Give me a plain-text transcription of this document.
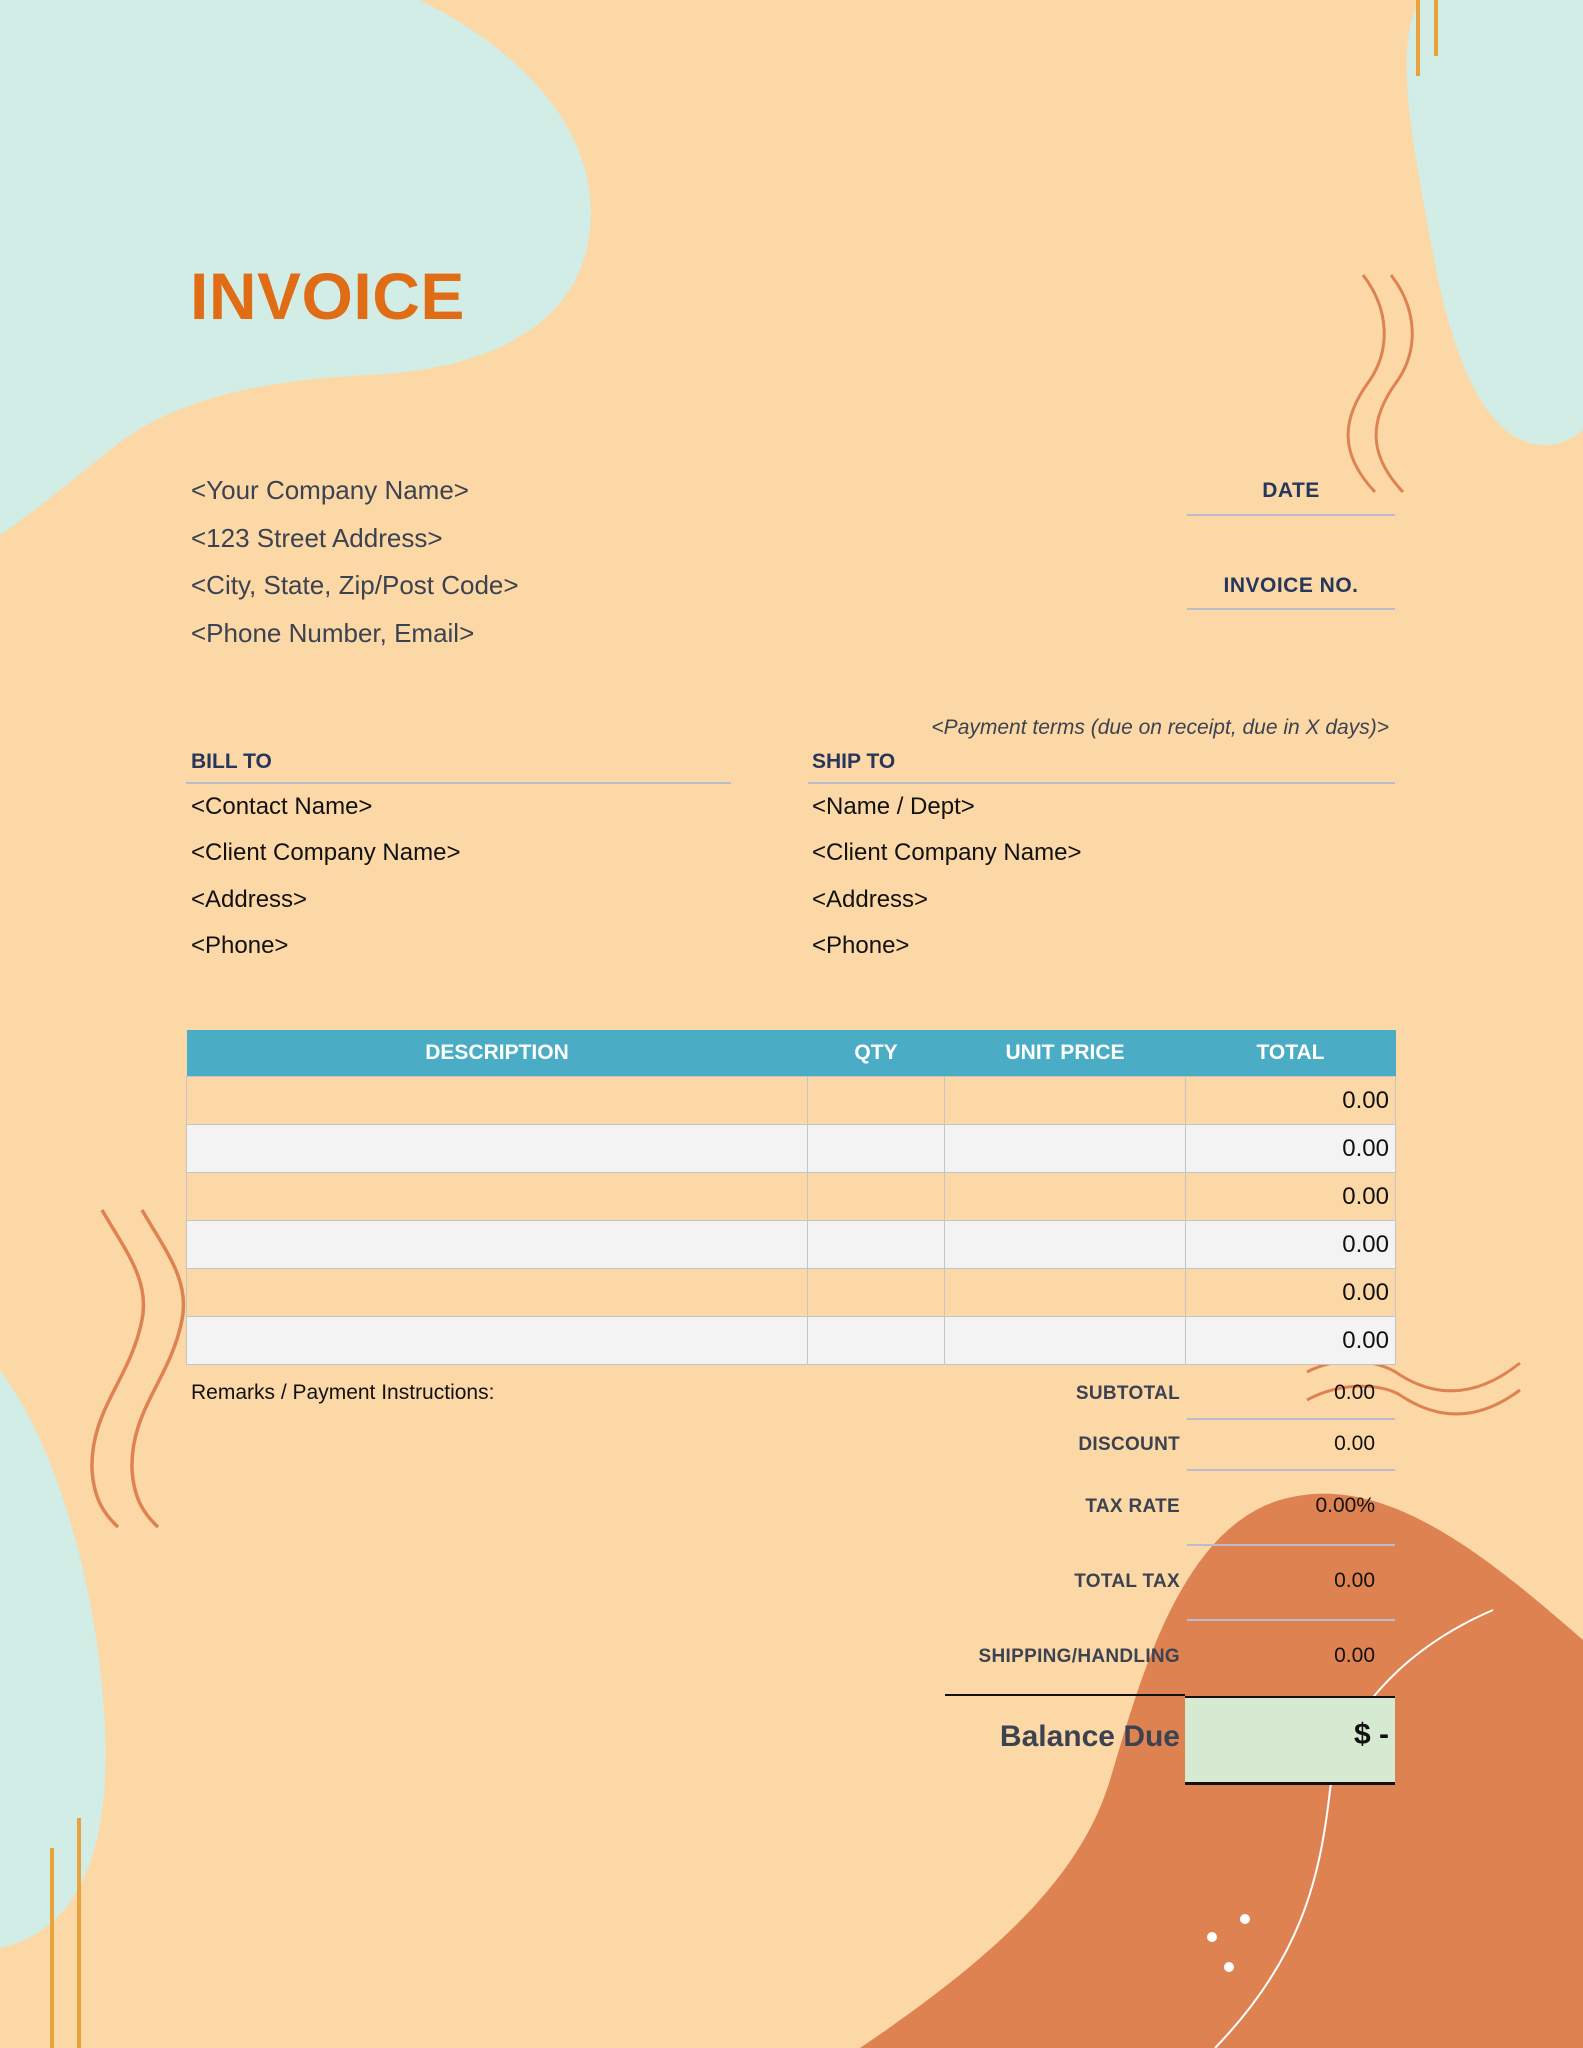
INVOICE
<Your Company Name>
<123 Street Address>
<City, State, Zip/Post Code>
<Phone Number, Email>
DATE
INVOICE NO.
<Payment terms (due on receipt, due in X days)>
BILL TO
<Contact Name>
<Client Company Name>
<Address>
<Phone>
SHIP TO
<Name / Dept>
<Client Company Name>
<Address>
<Phone>
DESCRIPTION	QTY	UNIT PRICE	TOTAL
			0.00
			0.00
			0.00
			0.00
			0.00
			0.00
Remarks / Payment Instructions:	SUBTOTAL	0.00
DISCOUNT	0.00
TAX RATE	0.00%
TOTAL TAX	0.00
SHIPPING/HANDLING	0.00
Balance Due	$ -
